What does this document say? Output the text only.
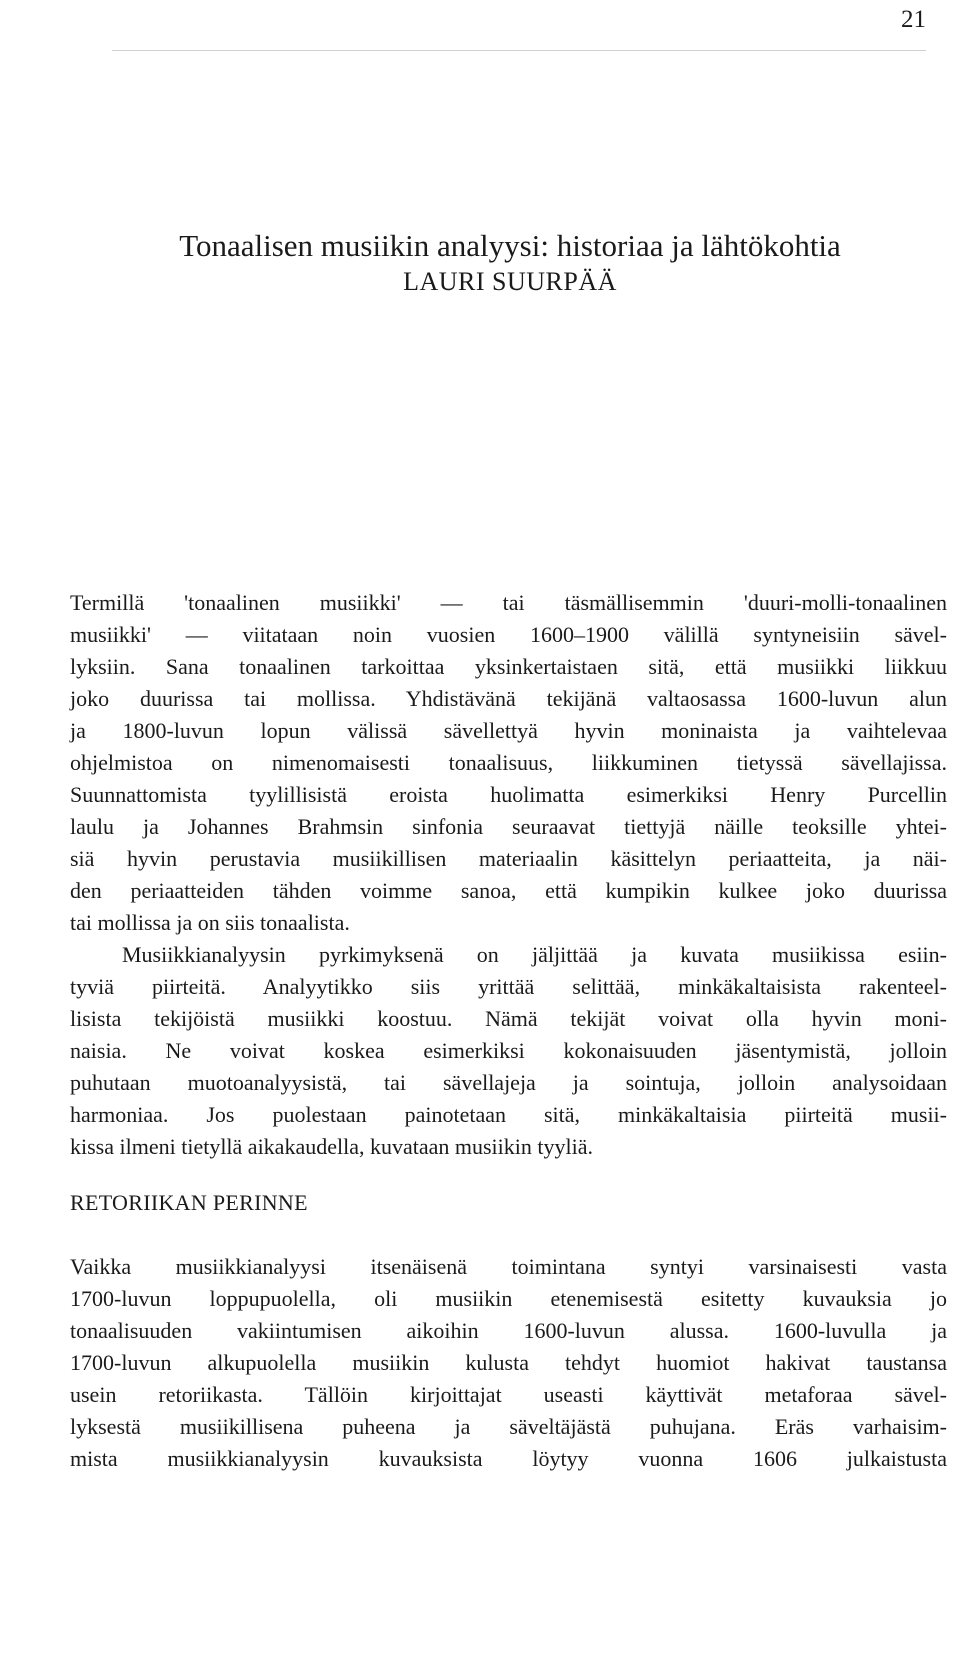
21
Tonaalisen musiikin analyysi: historiaa ja lähtökohtia
LAURI SUURPÄÄ
Termillä 'tonaalinen musiikki' — tai täsmällisemmin 'duuri-molli-tonaalinen
musiikki' — viitataan noin vuosien 1600–1900 välillä syntyneisiin sävel-
lyksiin. Sana tonaalinen tarkoittaa yksinkertaistaen sitä, että musiikki liikkuu
joko duurissa tai mollissa. Yhdistävänä tekijänä valtaosassa 1600-luvun alun
ja 1800-luvun lopun välissä sävellettyä hyvin moninaista ja vaihtelevaa
ohjelmistoa on nimenomaisesti tonaalisuus, liikkuminen tietyssä sävellajissa.
Suunnattomista tyylillisistä eroista huolimatta esimerkiksi Henry Purcellin
laulu ja Johannes Brahmsin sinfonia seuraavat tiettyjä näille teoksille yhtei-
siä hyvin perustavia musiikillisen materiaalin käsittelyn periaatteita, ja näi-
den periaatteiden tähden voimme sanoa, että kumpikin kulkee joko duurissa
tai mollissa ja on siis tonaalista.
Musiikkianalyysin pyrkimyksenä on jäljittää ja kuvata musiikissa esiin-
tyviä piirteitä. Analyytikko siis yrittää selittää, minkäkaltaisista rakenteel-
lisista tekijöistä musiikki koostuu. Nämä tekijät voivat olla hyvin moni-
naisia. Ne voivat koskea esimerkiksi kokonaisuuden jäsentymistä, jolloin
puhutaan muotoanalyysistä, tai sävellajeja ja sointuja, jolloin analysoidaan
harmoniaa. Jos puolestaan painotetaan sitä, minkäkaltaisia piirteitä musii-
kissa ilmeni tietyllä aikakaudella, kuvataan musiikin tyyliä.
RETORIIKAN PERINNE
Vaikka musiikkianalyysi itsenäisenä toimintana syntyi varsinaisesti vasta
1700-luvun loppupuolella, oli musiikin etenemisestä esitetty kuvauksia jo
tonaalisuuden vakiintumisen aikoihin 1600-luvun alussa. 1600-luvulla ja
1700-luvun alkupuolella musiikin kulusta tehdyt huomiot hakivat taustansa
usein retoriikasta. Tällöin kirjoittajat useasti käyttivät metaforaa sävel-
lyksestä musiikillisena puheena ja säveltäjästä puhujana. Eräs varhaisim-
mista musiikkianalyysin kuvauksista löytyy vuonna 1606 julkaistusta
